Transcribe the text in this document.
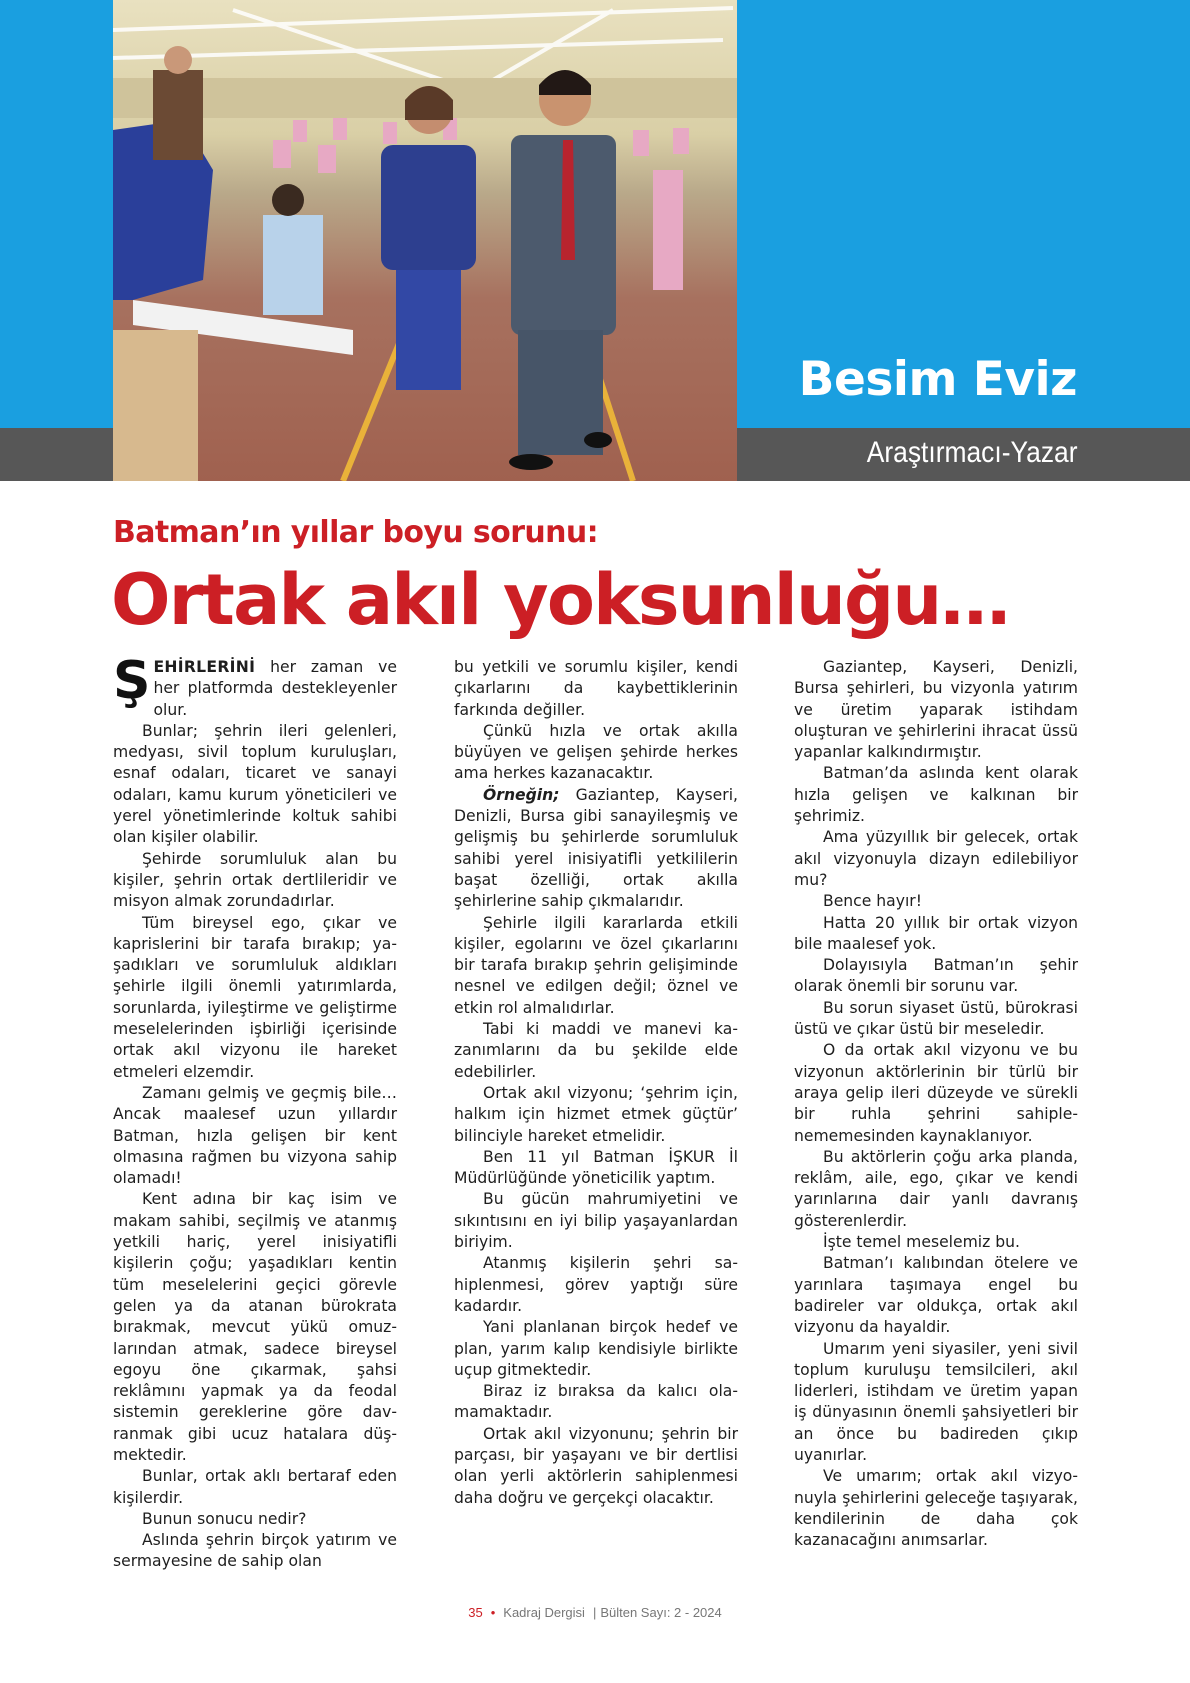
Besim Eviz
Araştırmacı-Yazar
Batman’ın yıllar boyu sorunu:
Ortak akıl yoksunluğu…

ŞEHİRLERİNİ her zaman ve her platformda destekleyenler olur.

Bunlar; şehrin ileri gelenleri, medyası, sivil toplum kuruluşları, esnaf odaları, ticaret ve sanayi odaları, kamu kurum yöneticileri ve yerel yönetimlerinde koltuk sahibi olan kişiler olabilir.

Şehirde sorumluluk alan bu kişiler, şehrin ortak dertlileridir ve misyon almak zorundadırlar.

Tüm bireysel ego, çıkar ve kaprislerini bir tarafa bırakıp; yaşadıkları ve sorumluluk aldıkları şehirle ilgili önemli yatırımlarda, sorunlarda, iyileştirme ve geliştirme meselelerinden işbirliği içerisinde ortak akıl vizyonu ile hareket etmeleri elzemdir.

Zamanı gelmiş ve geçmiş bile… Ancak maalesef uzun yıllardır Batman, hızla gelişen bir kent olmasına rağmen bu vizyona sahip olamadı!

Kent adına bir kaç isim ve makam sahibi, seçilmiş ve atanmış yetkili hariç, yerel inisiyatifli kişilerin çoğu; yaşadıkları kentin tüm meselelerini geçici görevle gelen ya da atanan bürokrata bırakmak, mevcut yükü omuzlarından atmak, sadece bireysel egoyu öne çıkarmak, şahsi reklâmını yapmak ya da feodal sistemin gereklerine göre davranmak gibi ucuz hatalara düşmektedir.

Bunlar, ortak aklı bertaraf eden kişilerdir.

Bunun sonucu nedir?

Aslında şehrin birçok yatırım ve sermayesine de sahip olan

bu yetkili ve sorumlu kişiler, kendi çıkarlarını da kaybettiklerinin farkında değiller.

Çünkü hızla ve ortak akılla büyüyen ve gelişen şehirde herkes ama herkes kazanacaktır.

Örneğin; Gaziantep, Kayseri, Denizli, Bursa gibi sanayileşmiş ve gelişmiş bu şehirlerde sorumluluk sahibi yerel inisiyatifli yetkililerin başat özelliği, ortak akılla şehirlerine sahip çıkmalarıdır.

Şehirle ilgili kararlarda etkili kişiler, egolarını ve özel çıkarlarını bir tarafa bırakıp şehrin gelişiminde nesnel ve edilgen değil; öznel ve etkin rol almalıdırlar.

Tabi ki maddi ve manevi kazanımlarını da bu şekilde elde edebilirler.

Ortak akıl vizyonu; ‘şehrim için, halkım için hizmet etmek güçtür’ bilinciyle hareket etmelidir.

Ben 11 yıl Batman İŞKUR İl Müdürlüğünde yöneticilik yaptım.

Bu gücün mahrumiyetini ve sıkıntısını en iyi bilip yaşayanlardan biriyim.

Atanmış kişilerin şehri sahiplenmesi, görev yaptığı süre kadardır.

Yani planlanan birçok hedef ve plan, yarım kalıp kendisiyle birlikte uçup gitmektedir.

Biraz iz bıraksa da kalıcı olamamaktadır.

Ortak akıl vizyonunu; şehrin bir parçası, bir yaşayanı ve bir dertlisi olan yerli aktörlerin sahiplenmesi daha doğru ve gerçekçi olacaktır.

Gaziantep, Kayseri, Denizli, Bursa şehirleri, bu vizyonla yatırım ve üretim yaparak istihdam oluşturan ve şehirlerini ihracat üssü yapanlar kalkındırmıştır.

Batman’da aslında kent olarak hızla gelişen ve kalkınan bir şehrimiz.

Ama yüzyıllık bir gelecek, ortak akıl vizyonuyla dizayn edilebiliyor mu?

Bence hayır!

Hatta 20 yıllık bir ortak vizyon bile maalesef yok.

Dolayısıyla Batman’ın şehir olarak önemli bir sorunu var.

Bu sorun siyaset üstü, bürokrasi üstü ve çıkar üstü bir meseledir.

O da ortak akıl vizyonu ve bu vizyonun aktörlerinin bir türlü bir araya gelip ileri düzeyde ve sürekli bir ruhla şehrini sahiplenememesinden kaynaklanıyor.

Bu aktörlerin çoğu arka planda, reklâm, aile, ego, çıkar ve kendi yarınlarına dair yanlı davranış gösterenlerdir.

İşte temel meselemiz bu.

Batman’ı kalıbından ötelere ve yarınlara taşımaya engel bu badireler var oldukça, ortak akıl vizyonu da hayaldir.

Umarım yeni siyasiler, yeni sivil toplum kuruluşu temsilcileri, akıl liderleri, istihdam ve üretim yapan iş dünyasının önemli şahsiyetleri bir an önce bu badireden çıkıp uyanırlar.

Ve umarım; ortak akıl vizyonuyla şehirlerini geleceğe taşıyarak, kendilerinin de daha çok kazanacağını anımsarlar.

35 • Kadraj Dergisi | Bülten Sayı: 2 - 2024
